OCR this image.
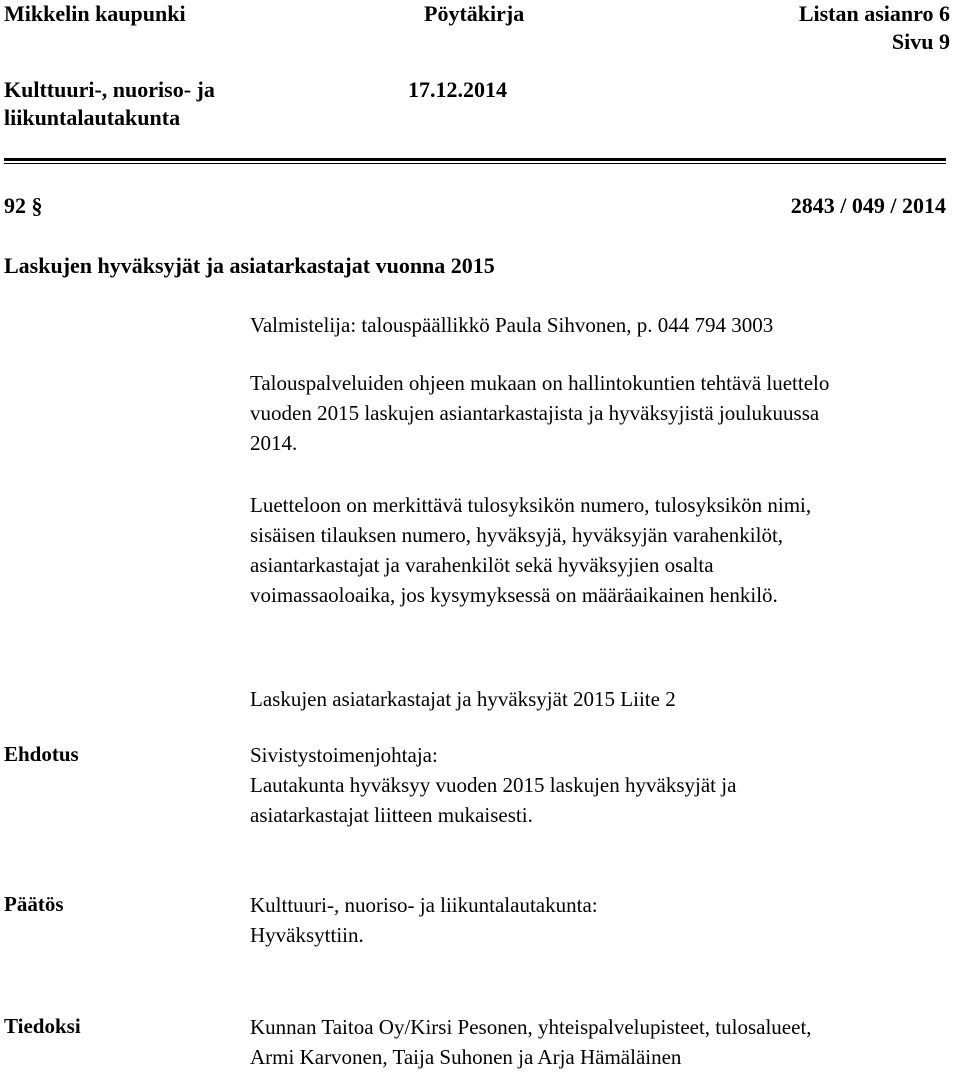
Mikkelin kaupunki	Pöytäkirja	Listan asianro 6
Sivu 9
Kulttuuri-, nuoriso- ja
liikuntalautakunta
17.12.2014
92 §	2843 / 049 / 2014
Laskujen hyväksyjät ja asiatarkastajat vuonna 2015
Valmistelija: talouspäällikkö Paula Sihvonen, p. 044 794 3003
Talouspalveluiden ohjeen mukaan on hallintokuntien tehtävä luettelo
vuoden 2015 laskujen asiantarkastajista ja hyväksyjistä joulukuussa
2014.
Luetteloon on merkittävä tulosyksikön numero, tulosyksikön nimi,
sisäisen tilauksen numero, hyväksyjä, hyväksyjän varahenkilöt,
asiantarkastajat ja varahenkilöt sekä hyväksyjien osalta
voimassaoloaika, jos kysymyksessä on määräaikainen henkilö.
Laskujen asiatarkastajat ja hyväksyjät 2015 Liite 2
Ehdotus	Sivistystoimenjohtaja:
Lautakunta hyväksyy vuoden 2015 laskujen hyväksyjät ja
asiatarkastajat liitteen mukaisesti.
Päätös	Kulttuuri-, nuoriso- ja liikuntalautakunta:
Hyväksyttiin.
Tiedoksi	Kunnan Taitoa Oy/Kirsi Pesonen, yhteispalvelupisteet, tulosalueet,
Armi Karvonen, Taija Suhonen ja Arja Hämäläinen
